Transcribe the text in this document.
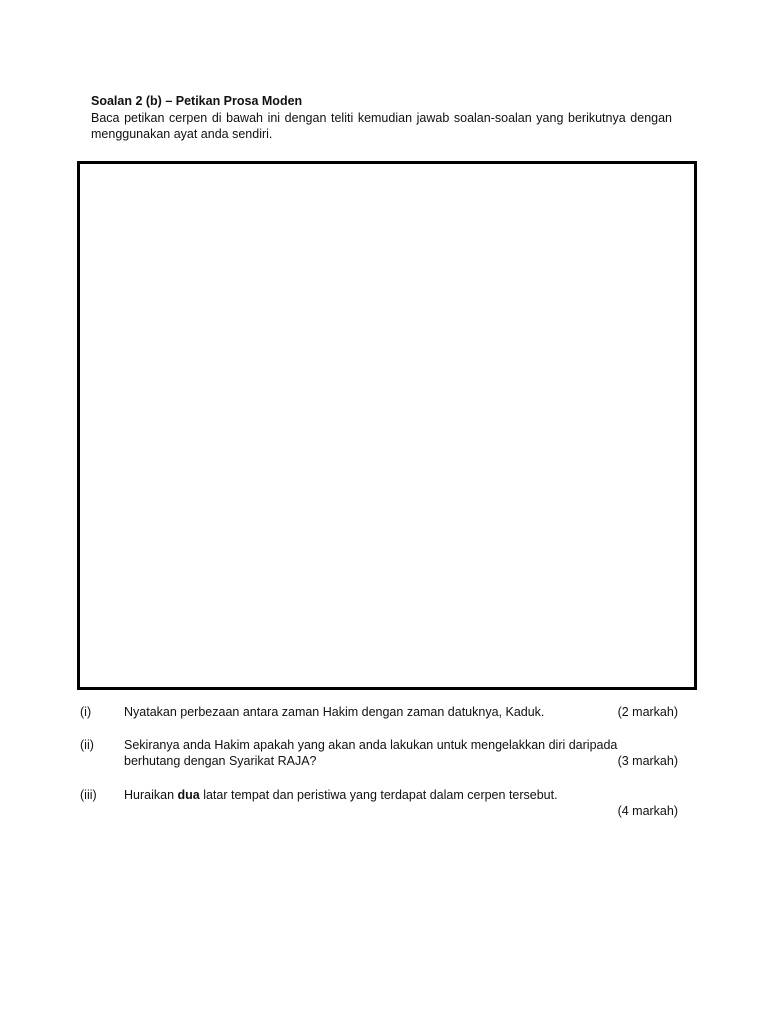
Soalan 2 (b) – Petikan Prosa Moden
Baca petikan cerpen di bawah ini dengan teliti kemudian jawab soalan-soalan yang berikutnya dengan menggunakan ayat anda sendiri.
(i)	Nyatakan perbezaan antara zaman Hakim dengan zaman datuknya, Kaduk.	(2 markah)
(ii) Sekiranya anda Hakim apakah yang akan anda lakukan untuk mengelakkan diri daripada
berhutang dengan Syarikat RAJA?	(3 markah)
(iii) Huraikan dua latar tempat dan peristiwa yang terdapat dalam cerpen tersebut.
(4 markah)
